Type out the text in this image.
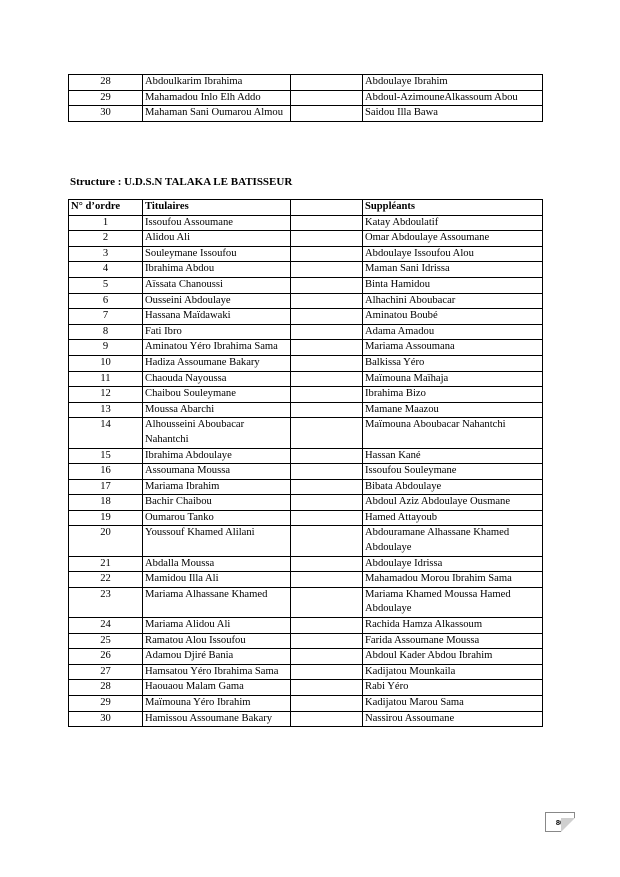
28	Abdoulkarim Ibrahima		Abdoulaye Ibrahim
29	Mahamadou Inlo Elh Addo		Abdoul-AzimouneAlkassoum Abou
30	Mahaman Sani Oumarou Almou		Saidou Illa Bawa
Structure : U.D.S.N TALAKA LE BATISSEUR
N° d’ordre	Titulaires		Suppléants
1	Issoufou Assoumane		Katay Abdoulatif
2	Alidou Ali		Omar Abdoulaye Assoumane
3	Souleymane Issoufou		Abdoulaye Issoufou Alou
4	Ibrahima Abdou		Maman Sani Idrissa
5	Aïssata Chanoussi		Binta Hamidou
6	Ousseini Abdoulaye		Alhachini Aboubacar
7	Hassana Maïdawaki		Aminatou Boubé
8	Fati Ibro		Adama Amadou
9	Aminatou Yéro Ibrahima Sama		Mariama Assoumana
10	Hadiza Assoumane Bakary		Balkissa Yéro
11	Chaouda Nayoussa		Maïmouna Maïhaja
12	Chaibou Souleymane		Ibrahima Bizo
13	Moussa Abarchi		Mamane Maazou
14	Alhousseini Aboubacar Nahantchi		Maïmouna Aboubacar Nahantchi
15	Ibrahima Abdoulaye		Hassan Kané
16	Assoumana Moussa		Issoufou Souleymane
17	Mariama Ibrahim		Bibata Abdoulaye
18	Bachir Chaibou		Abdoul Aziz Abdoulaye Ousmane
19	Oumarou Tanko		Hamed Attayoub
20	Youssouf Khamed Alilani		Abdouramane Alhassane Khamed Abdoulaye
21	Abdalla Moussa		Abdoulaye Idrissa
22	Mamidou Illa Ali		Mahamadou Morou Ibrahim Sama
23	Mariama Alhassane Khamed		Mariama Khamed Moussa Hamed Abdoulaye
24	Mariama Alidou Ali		Rachida Hamza Alkassoum
25	Ramatou Alou Issoufou		Farida Assoumane Moussa
26	Adamou Djiré Bania		Abdoul Kader Abdou Ibrahim
27	Hamsatou Yéro Ibrahima Sama		Kadijatou Mounkaila
28	Haouaou Malam Gama		Rabi Yéro
29	Maïmouna Yéro Ibrahim		Kadijatou Marou Sama
30	Hamissou Assoumane Bakary		Nassirou Assoumane
80
